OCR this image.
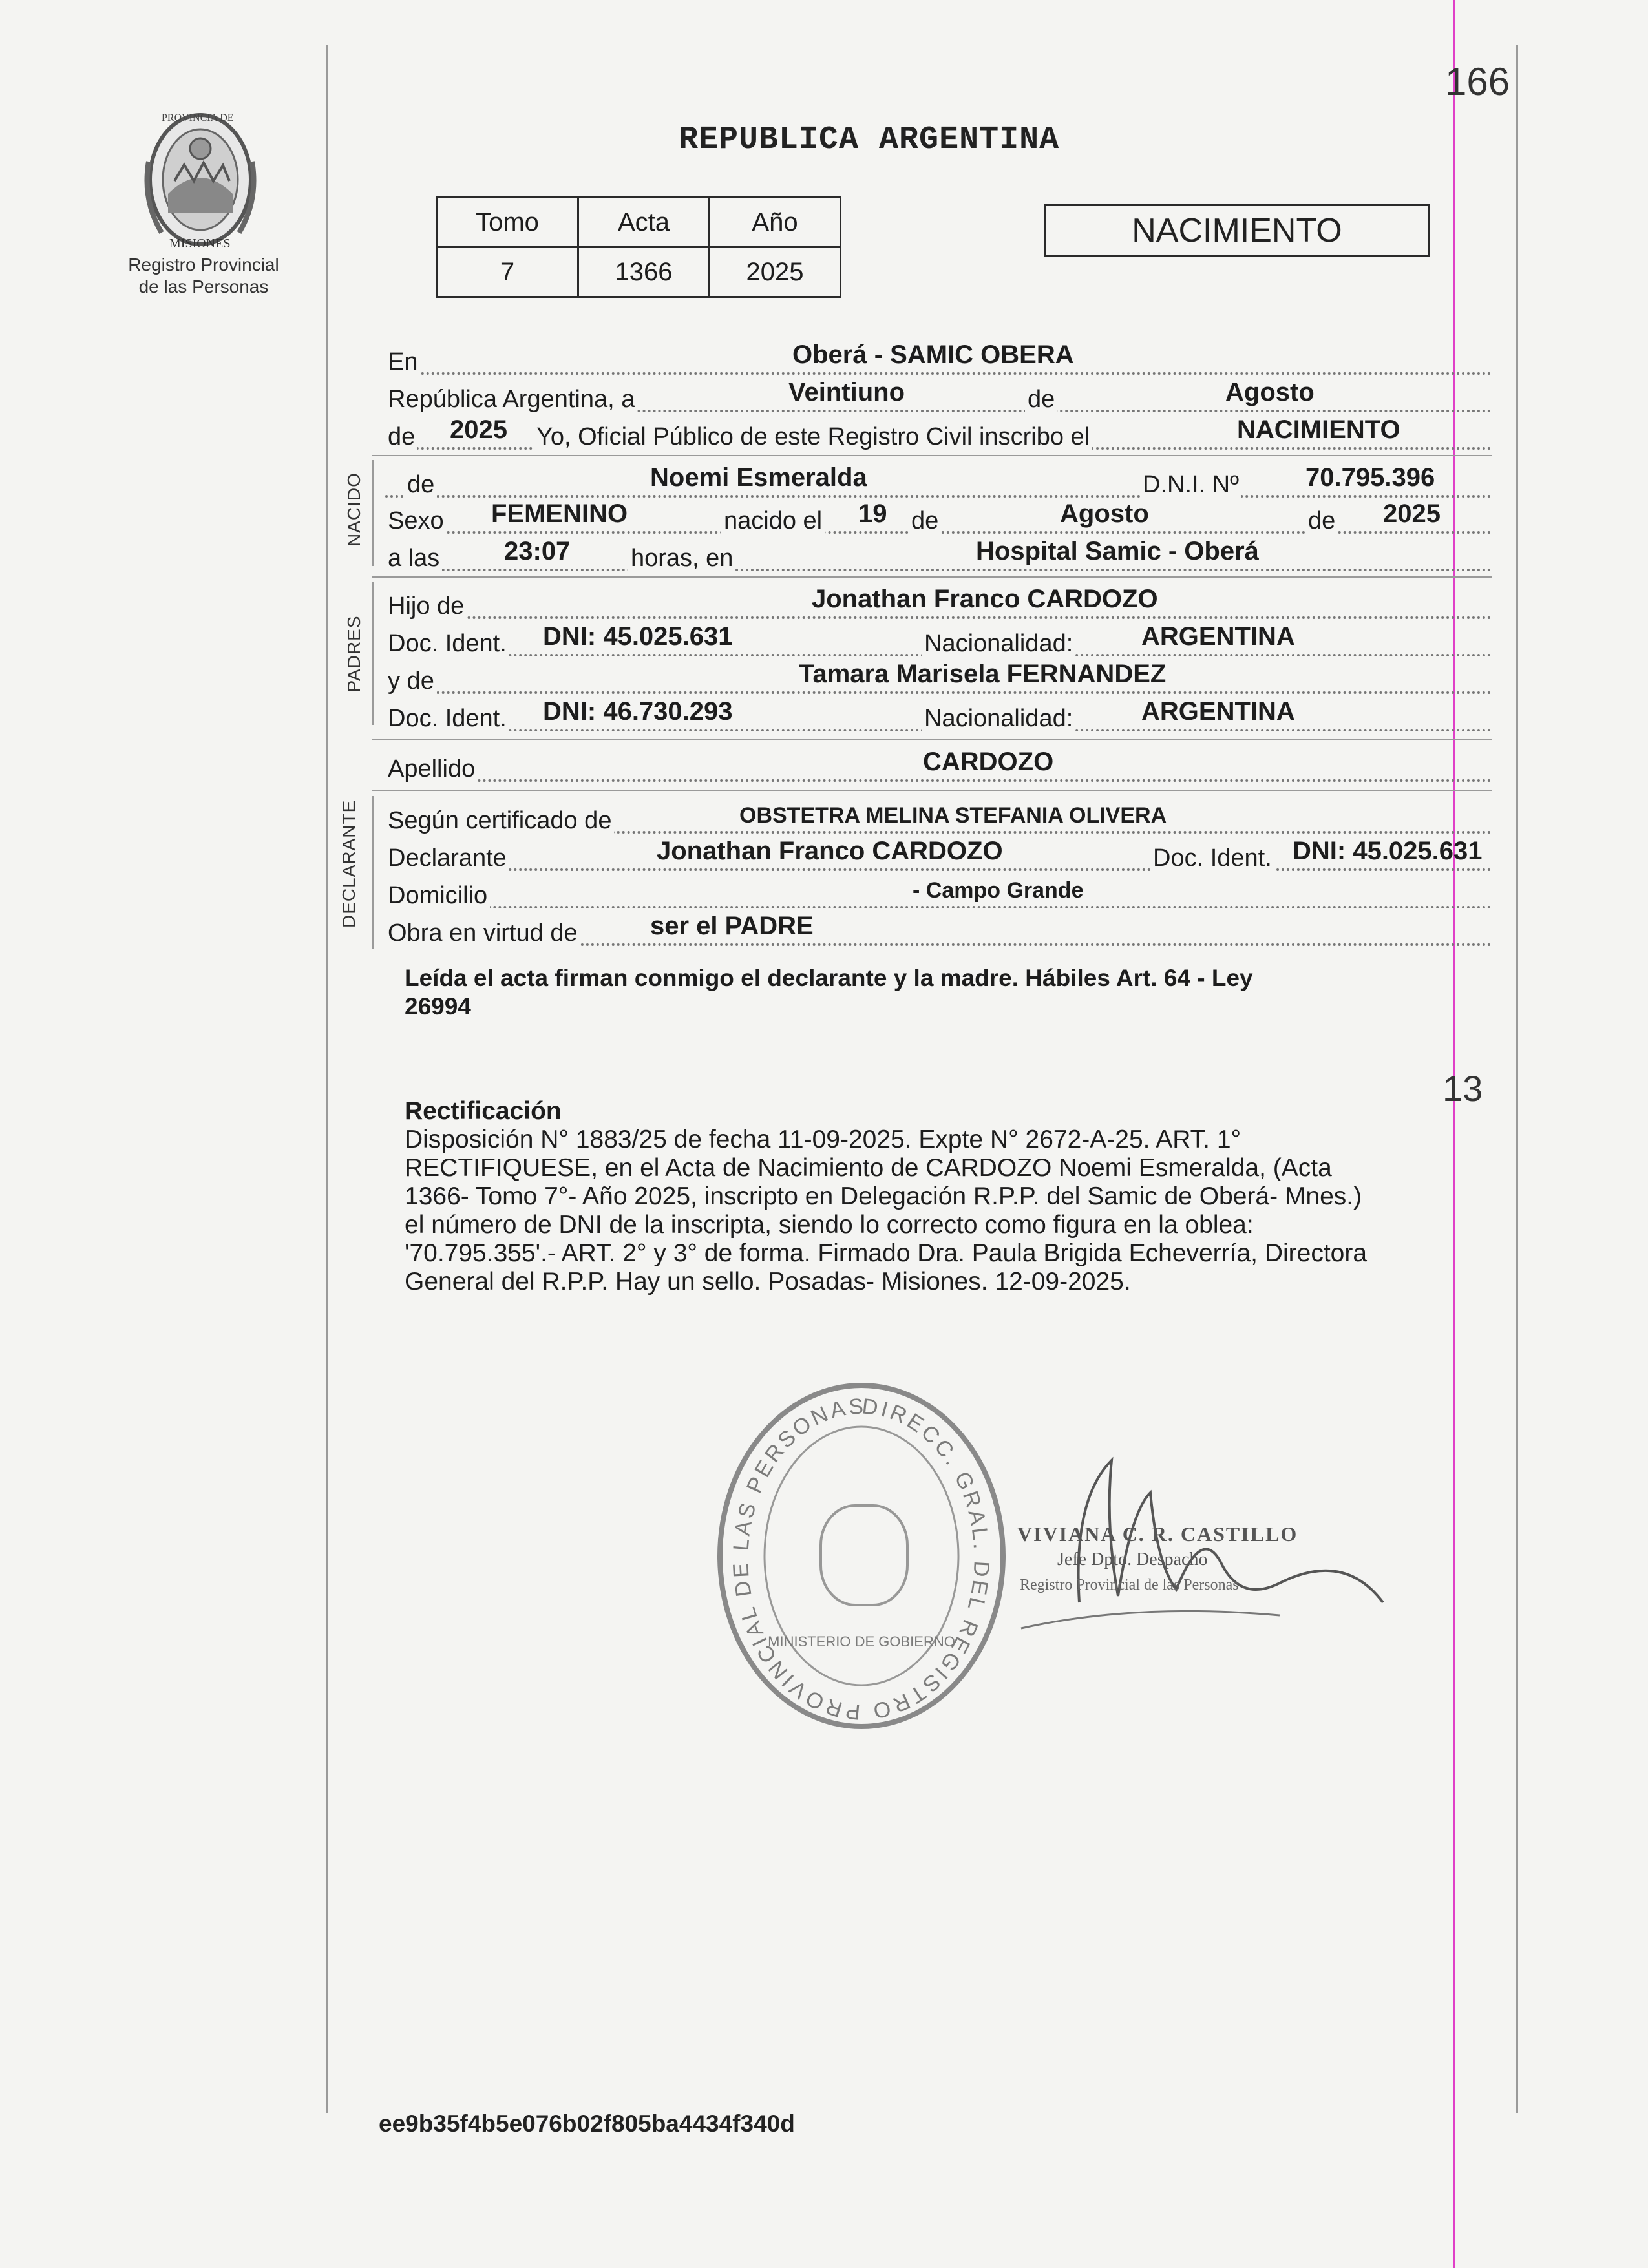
166
PROVINCIA DE
MISIONES
Registro Provincial
de las Personas
REPUBLICA ARGENTINA
Tomo	Acta	Año
7	1366	2025
NACIMIENTO
En	Oberá - SAMIC OBERA
República Argentina, a	Veintiuno	de	Agosto
de 2025 Yo, Oficial Público de este Registro Civil inscribo el	NACIMIENTO
NACIDO de	Noemi Esmeralda	D.N.I. Nº	70.795.396
Sexo FEMENINO	nacido el 19 de	Agosto	de 2025
a las 23:07 horas, en	Hospital Samic - Oberá
PADRES
Hijo de	Jonathan Franco CARDOZO
Doc. Ident. DNI: 45.025.631	Nacionalidad:	ARGENTINA
y de	Tamara Marisela FERNANDEZ
Doc. Ident. DNI: 46.730.293	Nacionalidad:	ARGENTINA
Apellido	CARDOZO
DECLARANTE Según certificado de	OBSTETRA MELINA STEFANIA OLIVERA
Declarante	Jonathan Franco CARDOZO	Doc. Ident. DNI: 45.025.631
Domicilio	- Campo Grande
Obra en virtud de	ser el PADRE
Leída el acta firman conmigo el declarante y la madre. Hábiles Art. 64 - Ley
26994
13
Rectificación
Disposición N° 1883/25 de fecha 11-09-2025. Expte N° 2672-A-25. ART. 1°
RECTIFIQUESE, en el Acta de Nacimiento de CARDOZO Noemi Esmeralda, (Acta
1366- Tomo 7°- Año 2025, inscripto en Delegación R.P.P. del Samic de Oberá- Mnes.)
el número de DNI de la inscripta, siendo lo correcto como figura en la oblea:
'70.795.355'.- ART. 2° y 3° de forma. Firmado Dra. Paula Brigida Echeverría, Directora
General del R.P.P. Hay un sello. Posadas- Misiones. 12-09-2025.
DIRECC. GRAL. DEL REGISTRO PROVINCIAL DE LAS PERSONAS
MINISTERIO DE GOBIERNO
VIVIANA C. R. CASTILLO
Jefe Dpto. Despacho
Registro Provincial de las Personas
ee9b35f4b5e076b02f805ba4434f340d
